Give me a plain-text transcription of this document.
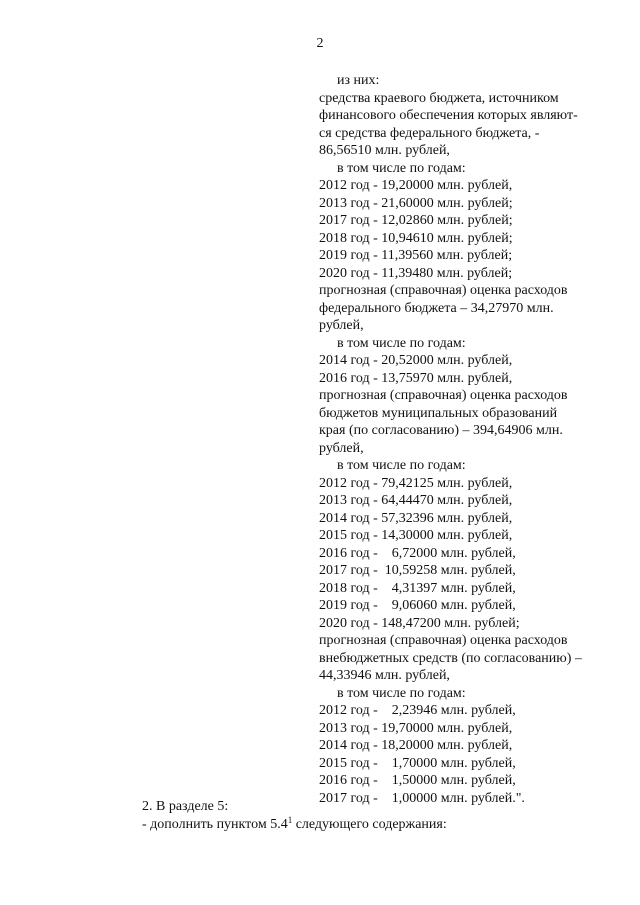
2
из них:
средства краевого бюджета, источником
финансового обеспечения которых являют-
ся средства федерального бюджета, -
86,56510 млн. рублей,
в том числе по годам:
2012 год - 19,20000 млн. рублей,
2013 год - 21,60000 млн. рублей;
2017 год - 12,02860 млн. рублей;
2018 год - 10,94610 млн. рублей;
2019 год - 11,39560 млн. рублей;
2020 год - 11,39480 млн. рублей;
прогнозная (справочная) оценка расходов
федерального бюджета – 34,27970 млн.
рублей,
в том числе по годам:
2014 год - 20,52000 млн. рублей,
2016 год - 13,75970 млн. рублей,
прогнозная (справочная) оценка расходов
бюджетов муниципальных образований
края (по согласованию) – 394,64906 млн.
рублей,
в том числе по годам:
2012 год - 79,42125 млн. рублей,
2013 год - 64,44470 млн. рублей,
2014 год - 57,32396 млн. рублей,
2015 год - 14,30000 млн. рублей,
2016 год -    6,72000 млн. рублей,
2017 год -  10,59258 млн. рублей,
2018 год -    4,31397 млн. рублей,
2019 год -    9,06060 млн. рублей,
2020 год - 148,47200 млн. рублей;
прогнозная (справочная) оценка расходов
внебюджетных средств (по согласованию) –
44,33946 млн. рублей,
в том числе по годам:
2012 год -    2,23946 млн. рублей,
2013 год - 19,70000 млн. рублей,
2014 год - 18,20000 млн. рублей,
2015 год -    1,70000 млн. рублей,
2016 год -    1,50000 млн. рублей,
2017 год -    1,00000 млн. рублей.".
2. В разделе 5:
- дополнить пунктом $5.4^1$ следующего содержания:
